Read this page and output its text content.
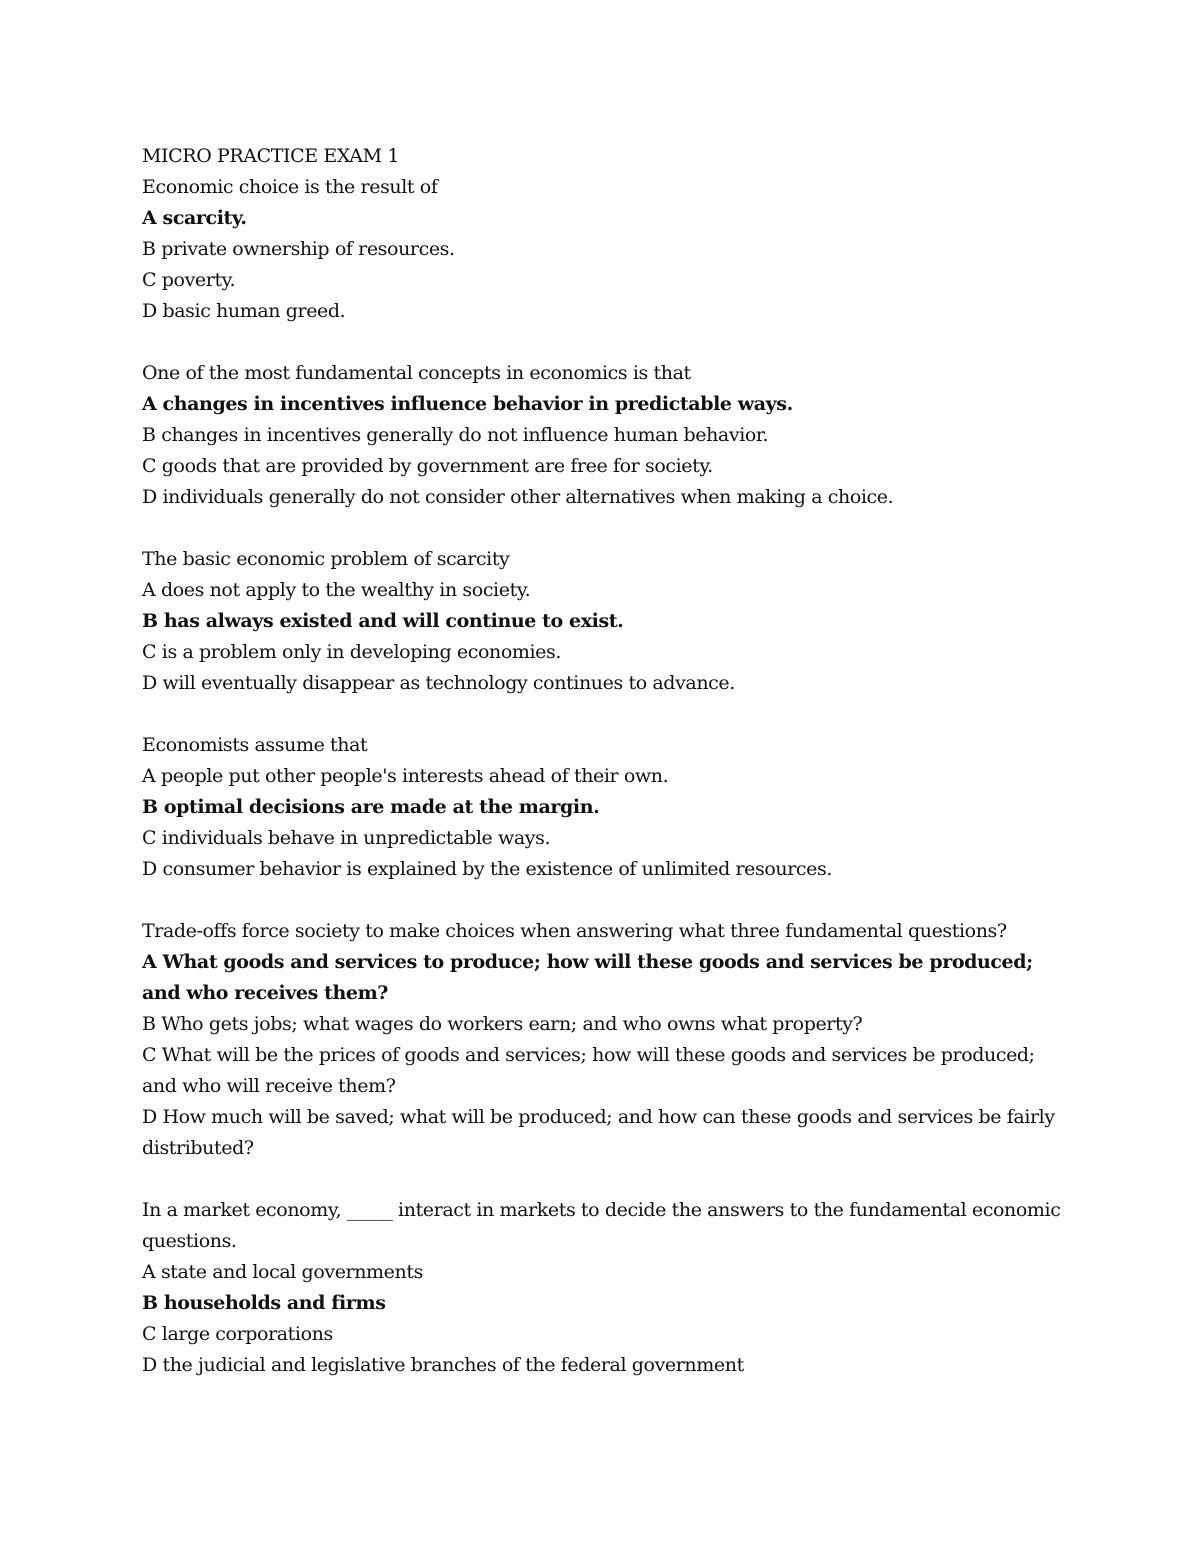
MICRO PRACTICE EXAM 1

Economic choice is the result of

A scarcity.

B private ownership of resources.

C poverty.

D basic human greed.

One of the most fundamental concepts in economics is that

A changes in incentives influence behavior in predictable ways.

B changes in incentives generally do not influence human behavior.

C goods that are provided by government are free for society.

D individuals generally do not consider other alternatives when making a choice.

The basic economic problem of scarcity

A does not apply to the wealthy in society.

B has always existed and will continue to exist.

C is a problem only in developing economies.

D will eventually disappear as technology continues to advance.

Economists assume that

A people put other people's interests ahead of their own.

B optimal decisions are made at the margin.

C individuals behave in unpredictable ways.

D consumer behavior is explained by the existence of unlimited resources.

Trade-offs force society to make choices when answering what three fundamental questions?

A What goods and services to produce; how will these goods and services be produced; and who receives them?

B Who gets jobs; what wages do workers earn; and who owns what property?

C What will be the prices of goods and services; how will these goods and services be produced; and who will receive them?

D How much will be saved; what will be produced; and how can these goods and services be fairly distributed?

In a market economy, _____ interact in markets to decide the answers to the fundamental economic questions.

A state and local governments

B households and firms

C large corporations

D the judicial and legislative branches of the federal government
